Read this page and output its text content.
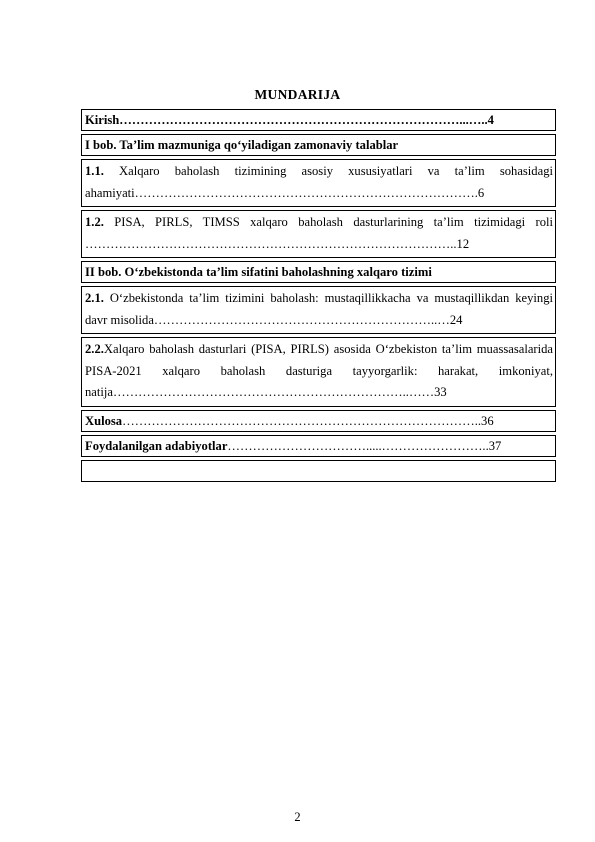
MUNDARIJA
Kirish………………………………………………………………………...…..4
I bob. Ta’lim mazmuniga qo‘yiladigan zamonaviy talablar
1.1. Xalqaro baholash tizimining asosiy xususiyatlari va ta’lim sohasidagi ahamiyati……………………………………………………………………….6
1.2. PISA, PIRLS, TIMSS xalqaro baholash dasturlarining ta’lim tizimidagi roli ……………………………………………………………………………..12
II bob. O‘zbekistonda ta’lim sifatini baholashning xalqaro tizimi
2.1. O‘zbekistonda ta’lim tizimini baholash: mustaqillikkacha va mustaqillikdan keyingi davr misolida…………………………………………………………..…24
2.2.Xalqaro baholash dasturlari (PISA, PIRLS) asosida O‘zbekiston ta’lim muassasalarida PISA-2021 xalqaro baholash dasturiga tayyorgarlik: harakat, imkoniyat, natija……………………………………………………………..……33
Xulosa…………………………………………………………………………..36
Foydalanilgan adabiyotlar…………………………….....……………………..37
2
